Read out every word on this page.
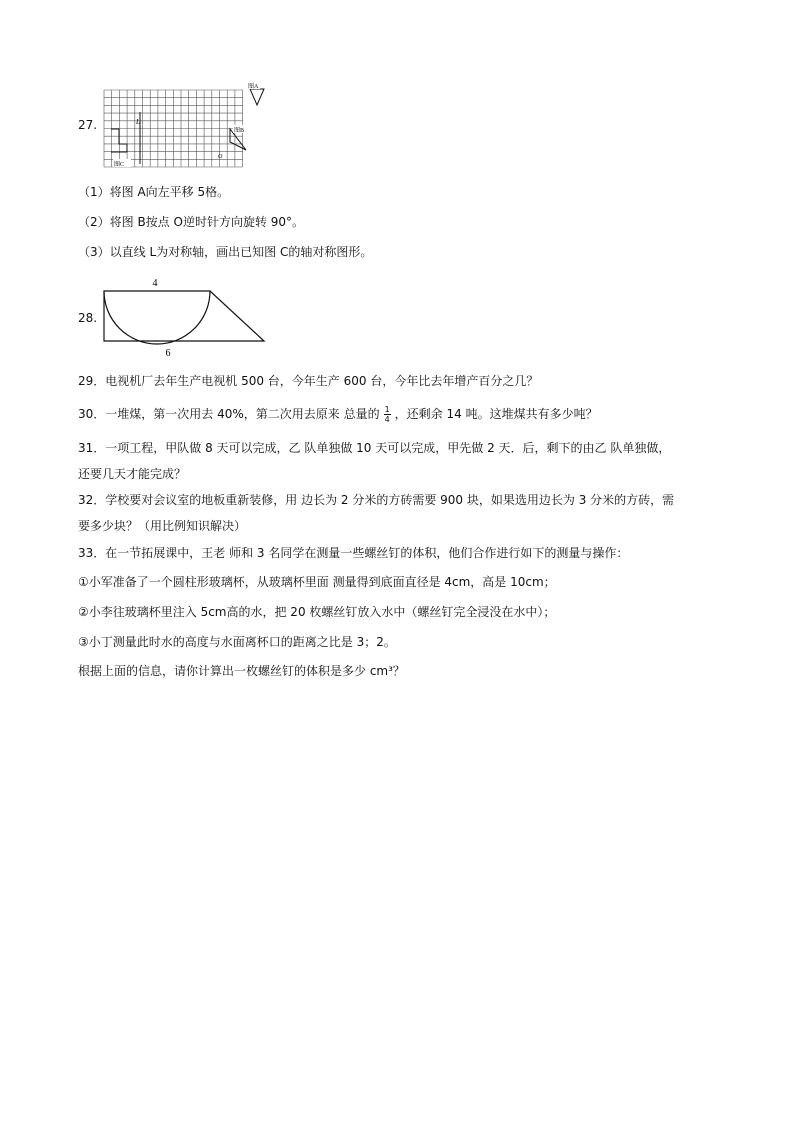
27.
图A
L
图C
图B
O
（1）将图 A向左平移 5格。
（2）将图 B按点 O逆时针方向旋转 90°。
（3）以直线 L为对称轴，画出已知图 C的轴对称图形。
28.
4
6
29．电视机厂去年生产电视机 500 台，今年生产 600 台，今年比去年增产百分之几？
30．一堆煤，第一次用去 40%，第二次用去原来 总量的 $\frac{1}{4}$ ，还剩余 14 吨。这堆煤共有多少吨？
31．一项工程，甲队做 8 天可以完成，乙 队单独做 10 天可以完成，甲先做 2 天．后，剩下的由乙 队单独做，
还要几天才能完成？
32．学校要对会议室的地板重新装修，用 边长为 2 分米的方砖需要 900 块，如果选用边长为 3 分米的方砖，需
要多少块？（用比例知识解决）
33．在一节拓展课中，王老 师和 3 名同学在测量一些螺丝钉的体积，他们合作进行如下的测量与操作：
①小军准备了一个圆柱形玻璃杯，从玻璃杯里面 测量得到底面直径是 4cm，高是 10cm；
②小李往玻璃杯里注入 5cm高的水，把 20 枚螺丝钉放入水中（螺丝钉完全浸没在水中）；
③小丁测量此时水的高度与水面离杯口的距离之比是 3；2。
根据上面的信息，请你计算出一枚螺丝钉的体积是多少 cm³？
